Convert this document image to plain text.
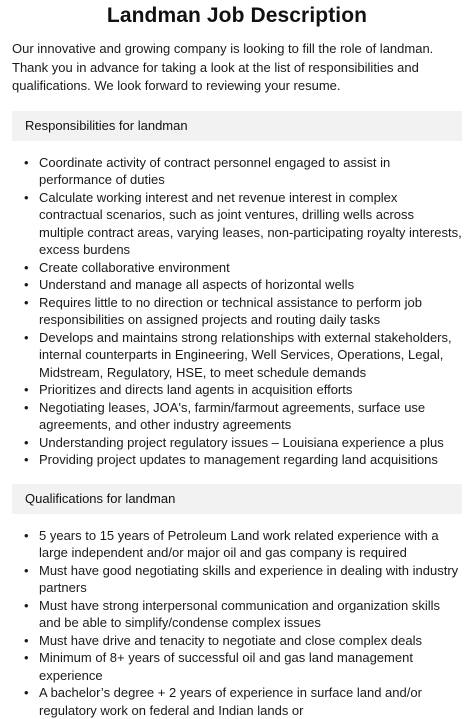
Landman Job Description

Our innovative and growing company is looking to fill the role of landman. Thank you in advance for taking a look at the list of responsibilities and qualifications. We look forward to reviewing your resume.

Responsibilities for landman
• Coordinate activity of contract personnel engaged to assist in performance of duties
• Calculate working interest and net revenue interest in complex contractual scenarios, such as joint ventures, drilling wells across multiple contract areas, varying leases, non-participating royalty interests, excess burdens
• Create collaborative environment
• Understand and manage all aspects of horizontal wells
• Requires little to no direction or technical assistance to perform job responsibilities on assigned projects and routing daily tasks
• Develops and maintains strong relationships with external stakeholders, internal counterparts in Engineering, Well Services, Operations, Legal, Midstream, Regulatory, HSE, to meet schedule demands
• Prioritizes and directs land agents in acquisition efforts
• Negotiating leases, JOA's, farmin/farmout agreements, surface use agreements, and other industry agreements
• Understanding project regulatory issues – Louisiana experience a plus
• Providing project updates to management regarding land acquisitions
Qualifications for landman
• 5 years to 15 years of Petroleum Land work related experience with a large independent and/or major oil and gas company is required
• Must have good negotiating skills and experience in dealing with industry partners
• Must have strong interpersonal communication and organization skills and be able to simplify/condense complex issues
• Must have drive and tenacity to negotiate and close complex deals
• Minimum of 8+ years of successful oil and gas land management experience
• A bachelor’s degree + 2 years of experience in surface land and/or regulatory work on federal and Indian lands or
